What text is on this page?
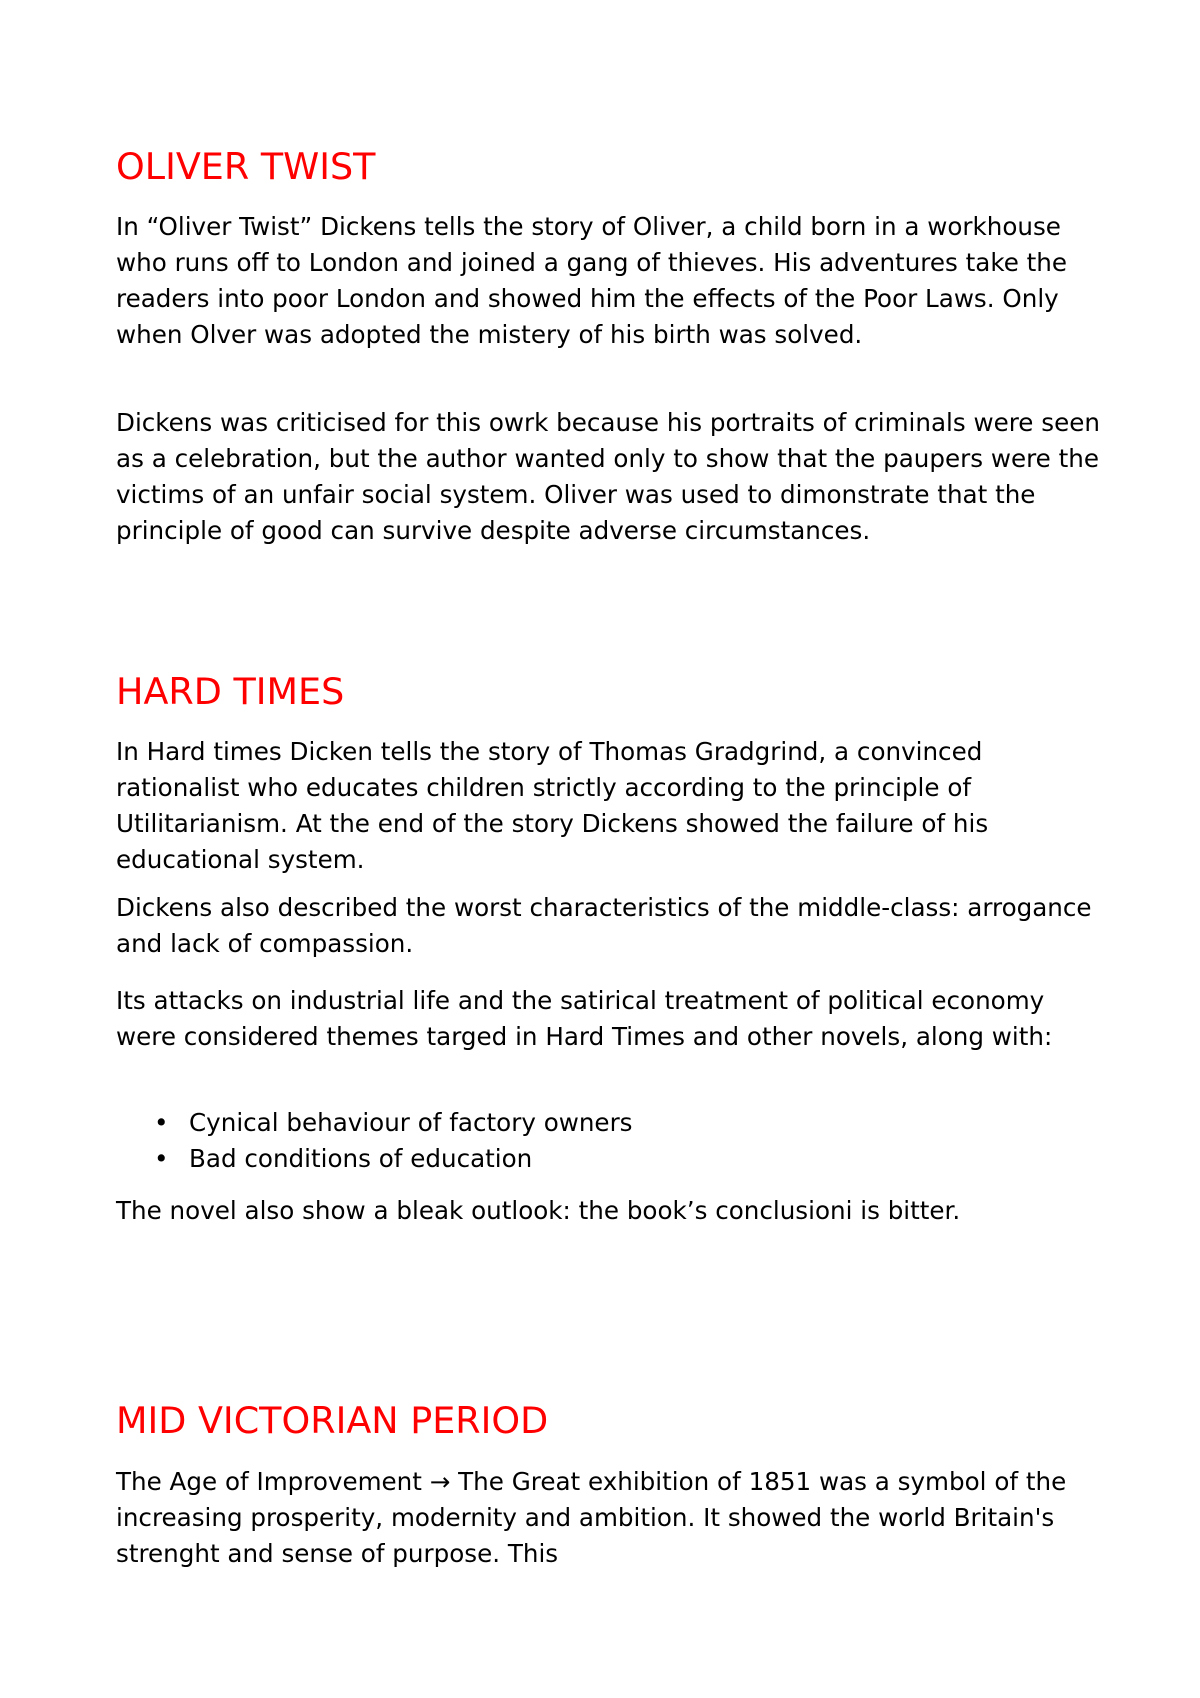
OLIVER TWIST

In “Oliver Twist” Dickens tells the story of Oliver, a child born in a workhouse who runs off to London and joined a gang of thieves. His adventures take the readers into poor London and showed him the effects of the Poor Laws. Only when Olver was adopted the mistery of his birth was solved.

Dickens was criticised for this owrk because his portraits of criminals were seen as a celebration, but the author wanted only to show that the paupers were the victims of an unfair social system. Oliver was used to dimonstrate that the principle of good can survive despite adverse circumstances.

HARD TIMES

In Hard times Dicken tells the story of Thomas Gradgrind, a convinced rationalist who educates children strictly according to the principle of Utilitarianism. At the end of the story Dickens showed the failure of his educational system.

Dickens also described the worst characteristics of the middle-class: arrogance and lack of compassion.

Its attacks on industrial life and the satirical treatment of political economy were considered themes targed in Hard Times and other novels, along with:

• Cynical behaviour of factory owners
• Bad conditions of education

The novel also show a bleak outlook: the book’s conclusioni is bitter.

MID VICTORIAN PERIOD

The Age of Improvement → The Great exhibition of 1851 was a symbol of the increasing prosperity, modernity and ambition. It showed the world Britain's strenght and sense of purpose. This
